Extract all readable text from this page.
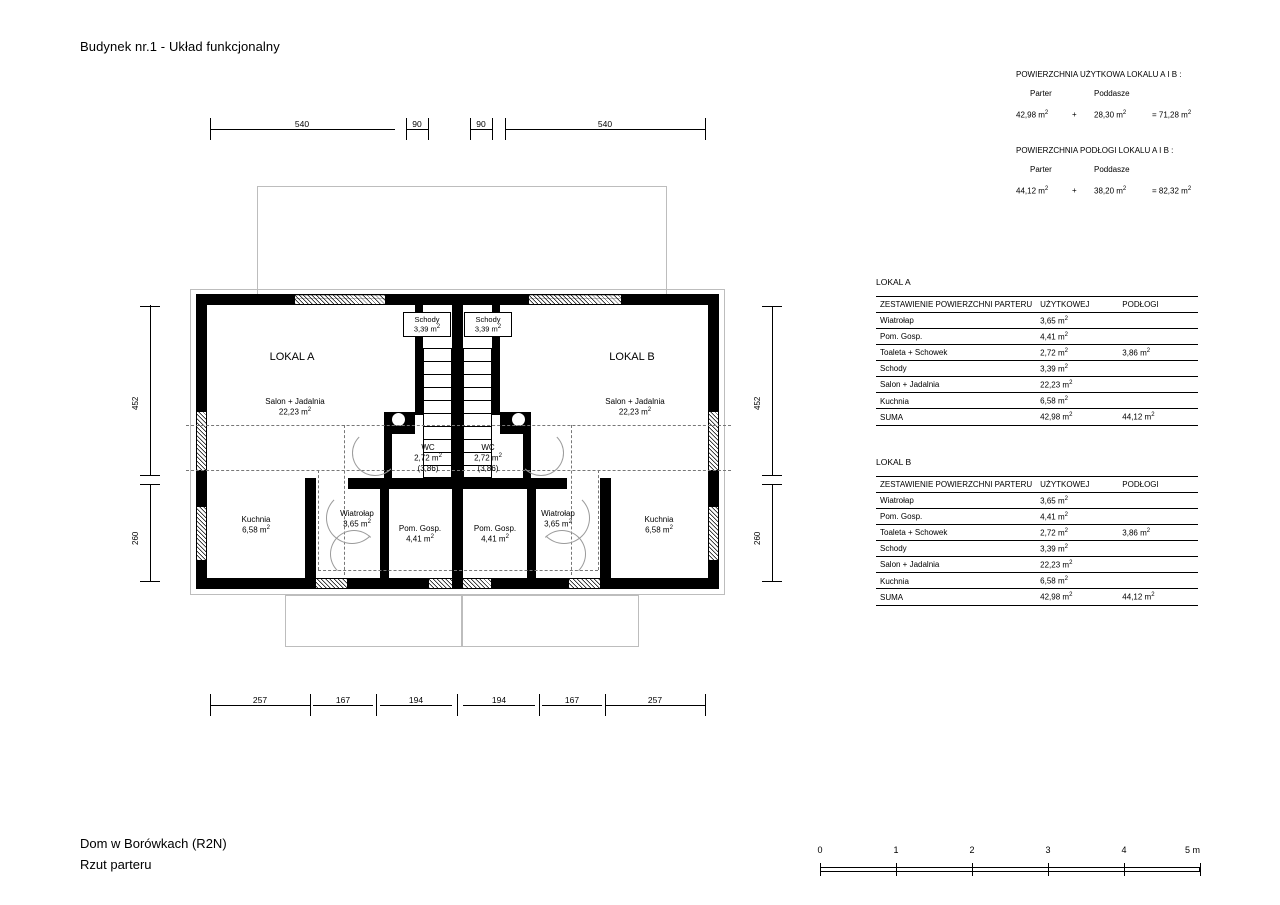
Budynek nr.1 - Układ funkcjonalny
POWIERZCHNIA UŻYTKOWA LOKALU A I B :
Parter	Poddasze
42,98 $m^2$	+ 28,30 $m^2$	= 71,28 $m^2$
POWIERZCHNIA PODŁOGI LOKALU A I B :
Parter	Poddasze
44,12 $m^2$	+ 38,20 $m^2$	= 82,32 $m^2$
LOKAL A
ZESTAWIENIE POWIERZCHNI PARTERU	UŻYTKOWEJ	PODŁOGI
Wiatrołap	3,65 $m^2$	
Pom. Gosp.	4,41 $m^2$	
Toaleta + Schowek	2,72 $m^2$	3,86 $m^2$
Schody	3,39 $m^2$	
Salon + Jadalnia	22,23 $m^2$	
Kuchnia	6,58 $m^2$	
SUMA	42,98 $m^2$	44,12 $m^2$
LOKAL B
ZESTAWIENIE POWIERZCHNI PARTERU	UŻYTKOWEJ	PODŁOGI
Wiatrołap	3,65 $m^2$	
Pom. Gosp.	4,41 $m^2$	
Toaleta + Schowek	2,72 $m^2$	3,86 $m^2$
Schody	3,39 $m^2$	
Salon + Jadalnia	22,23 $m^2$	
Kuchnia	6,58 $m^2$	
SUMA	42,98 $m^2$	44,12 $m^2$
540	90	90	540
LOKAL A	LOKAL B
Schody
3,39 $m^2$
Schody
3,39 $m^2$
Salon + Jadalnia
22,23 $m^2$
Salon + Jadalnia
22,23 $m^2$
WC
2,72 $m^2$
(3,86)
WC
2,72 $m^2$
(3,86)
Wiatrołap
3,65 $m^2$
Wiatrołap
3,65 $m^2$
Pom. Gosp.
4,41 $m^2$
Pom. Gosp.
4,41 $m^2$
Kuchnia
6,58 $m^2$
Kuchnia
6,58 $m^2$
452
260
452
260
257	167	194	194	167	257
Dom w Borówkach (R2N)
Rzut parteru
0	1	2	3	4	5 m
